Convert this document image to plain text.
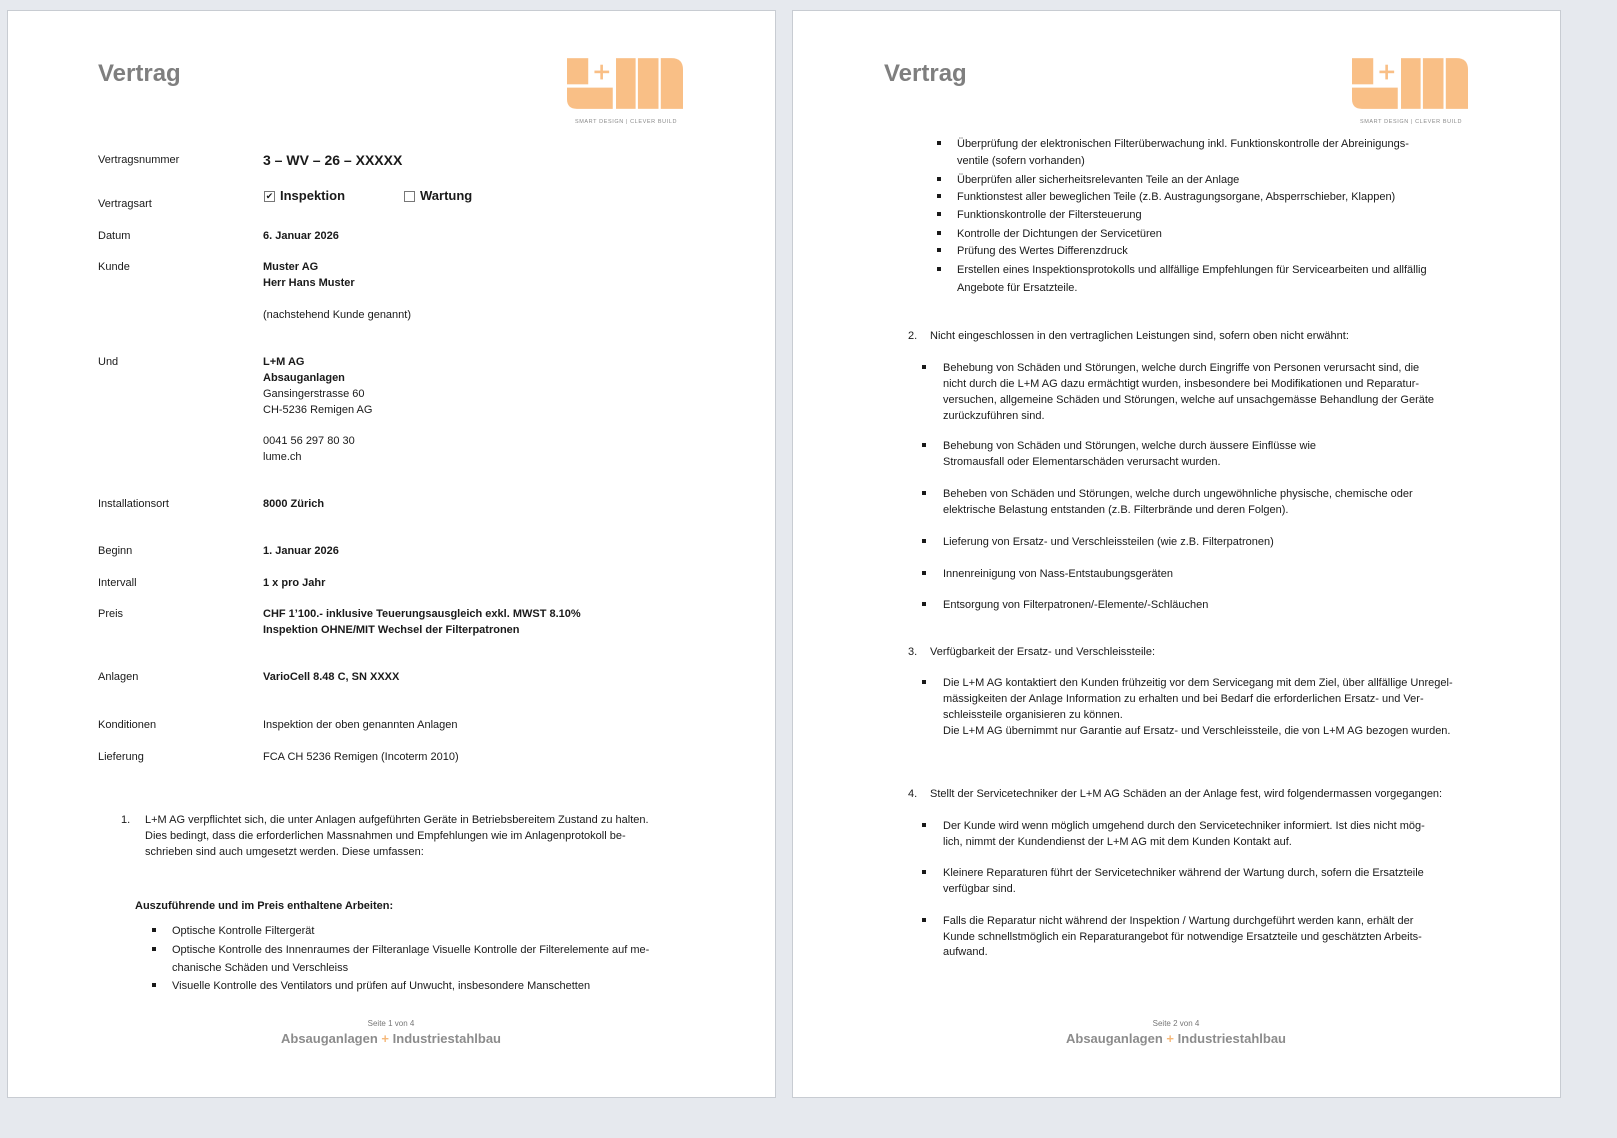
Vertrag
SMART DESIGN | CLEVER BUILD
Vertragsnummer	3 – WV – 26 – XXXXX
Vertragsart
✔ Inspektion	Wartung
Datum	6. Januar 2026
Kunde	Muster AG
Herr Hans Muster
(nachstehend Kunde genannt)
Und	L+M AG
Absauganlagen
Gansingerstrasse 60
CH-5236 Remigen AG
0041 56 297 80 30
lume.ch
Installationsort	8000 Zürich
Beginn	1. Januar 2026
Intervall	1 x pro Jahr
Preis	CHF 1’100.- inklusive Teuerungsausgleich exkl. MWST 8.10%
Inspektion OHNE/MIT Wechsel der Filterpatronen
Anlagen	VarioCell 8.48 C, SN XXXX
Konditionen	Inspektion der oben genannten Anlagen
Lieferung	FCA CH 5236 Remigen (Incoterm 2010)
1. L+M AG verpflichtet sich, die unter Anlagen aufgeführten Geräte in Betriebsbereitem Zustand zu halten.
Dies bedingt, dass die erforderlichen Massnahmen und Empfehlungen wie im Anlagenprotokoll be-
schrieben sind auch umgesetzt werden. Diese umfassen:
Auszuführende und im Preis enthaltene Arbeiten:
Optische Kontrolle Filtergerät
Optische Kontrolle des Innenraumes der Filteranlage Visuelle Kontrolle der Filterelemente auf me-
chanische Schäden und Verschleiss
Visuelle Kontrolle des Ventilators und prüfen auf Unwucht, insbesondere Manschetten
Seite 1 von 4
Absauganlagen + Industriestahlbau
Vertrag
SMART DESIGN | CLEVER BUILD
Überprüfung der elektronischen Filterüberwachung inkl. Funktionskontrolle der Abreinigungs-
ventile (sofern vorhanden)
Überprüfen aller sicherheitsrelevanten Teile an der Anlage
Funktionstest aller beweglichen Teile (z.B. Austragungsorgane, Absperrschieber, Klappen)
Funktionskontrolle der Filtersteuerung
Kontrolle der Dichtungen der Servicetüren
Prüfung des Wertes Differenzdruck
Erstellen eines Inspektionsprotokolls und allfällige Empfehlungen für Servicearbeiten und allfällig
Angebote für Ersatzteile.
2. Nicht eingeschlossen in den vertraglichen Leistungen sind, sofern oben nicht erwähnt:
Behebung von Schäden und Störungen, welche durch Eingriffe von Personen verursacht sind, die
nicht durch die L+M AG dazu ermächtigt wurden, insbesondere bei Modifikationen und Reparatur-
versuchen, allgemeine Schäden und Störungen, welche auf unsachgemässe Behandlung der Geräte
zurückzuführen sind.
Behebung von Schäden und Störungen, welche durch äussere Einflüsse wie
Stromausfall oder Elementarschäden verursacht wurden.
Beheben von Schäden und Störungen, welche durch ungewöhnliche physische, chemische oder
elektrische Belastung entstanden (z.B. Filterbrände und deren Folgen).
Lieferung von Ersatz- und Verschleissteilen (wie z.B. Filterpatronen)
Innenreinigung von Nass-Entstaubungsgeräten
Entsorgung von Filterpatronen/-Elemente/-Schläuchen
3. Verfügbarkeit der Ersatz- und Verschleissteile:
Die L+M AG kontaktiert den Kunden frühzeitig vor dem Servicegang mit dem Ziel, über allfällige Unregel-
mässigkeiten der Anlage Information zu erhalten und bei Bedarf die erforderlichen Ersatz- und Ver-
schleissteile organisieren zu können.
Die L+M AG übernimmt nur Garantie auf Ersatz- und Verschleissteile, die von L+M AG bezogen wurden.
4. Stellt der Servicetechniker der L+M AG Schäden an der Anlage fest, wird folgendermassen vorgegangen:
Der Kunde wird wenn möglich umgehend durch den Servicetechniker informiert. Ist dies nicht mög-
lich, nimmt der Kundendienst der L+M AG mit dem Kunden Kontakt auf.
Kleinere Reparaturen führt der Servicetechniker während der Wartung durch, sofern die Ersatzteile
verfügbar sind.
Falls die Reparatur nicht während der Inspektion / Wartung durchgeführt werden kann, erhält der
Kunde schnellstmöglich ein Reparaturangebot für notwendige Ersatzteile und geschätzten Arbeits-
aufwand.
Seite 2 von 4
Absauganlagen + Industriestahlbau
